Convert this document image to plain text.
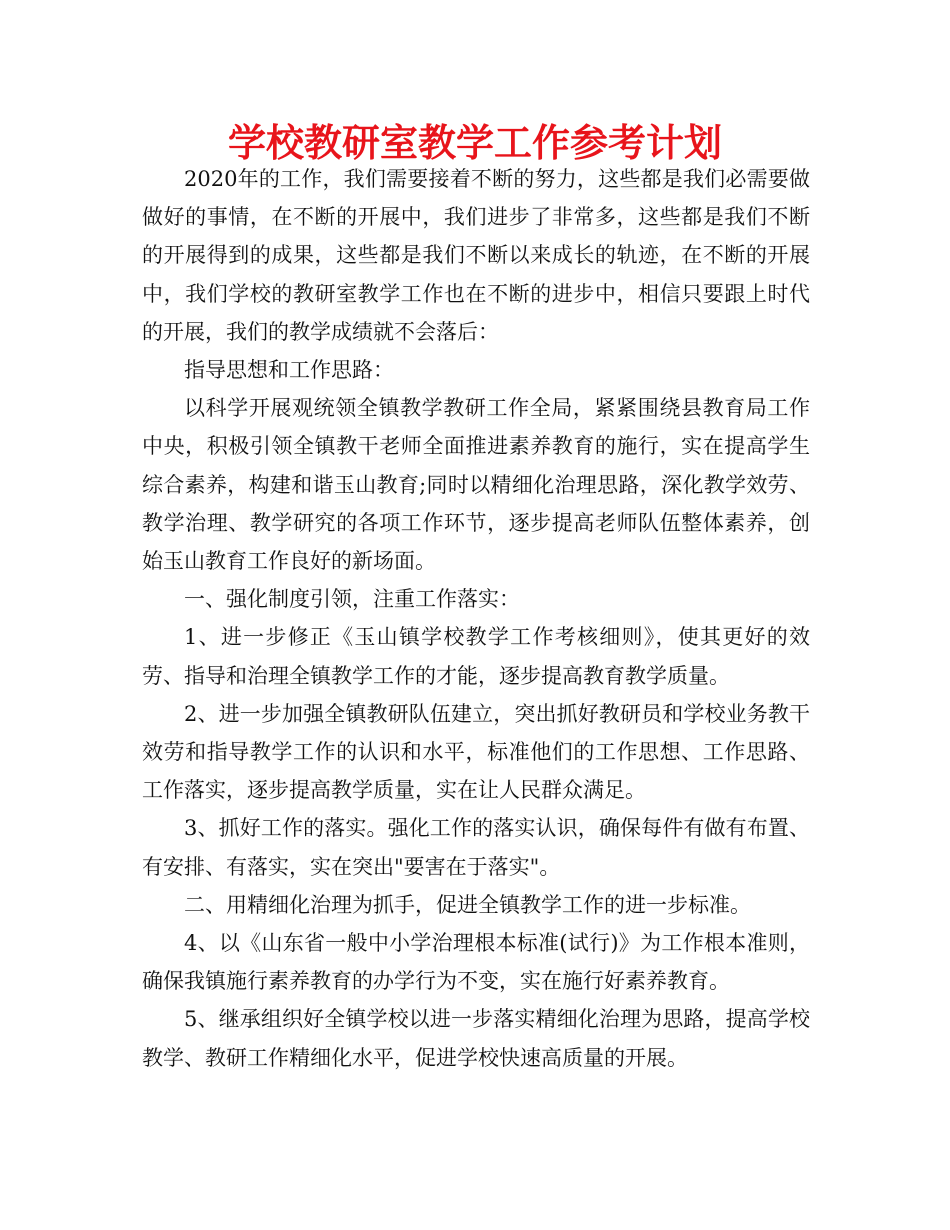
学校教研室教学工作参考计划

2020年的工作，我们需要接着不断的努力，这些都是我们必需要做做好的事情，在不断的开展中，我们进步了非常多，这些都是我们不断的开展得到的成果，这些都是我们不断以来成长的轨迹，在不断的开展中，我们学校的教研室教学工作也在不断的进步中，相信只要跟上时代的开展，我们的教学成绩就不会落后：

指导思想和工作思路：

以科学开展观统领全镇教学教研工作全局，紧紧围绕县教育局工作中央，积极引领全镇教干老师全面推进素养教育的施行，实在提高学生综合素养，构建和谐玉山教育;同时以精细化治理思路，深化教学效劳、教学治理、教学研究的各项工作环节，逐步提高老师队伍整体素养，创始玉山教育工作良好的新场面。

一、强化制度引领，注重工作落实：

1、进一步修正《玉山镇学校教学工作考核细则》，使其更好的效劳、指导和治理全镇教学工作的才能，逐步提高教育教学质量。

2、进一步加强全镇教研队伍建立，突出抓好教研员和学校业务教干效劳和指导教学工作的认识和水平，标准他们的工作思想、工作思路、工作落实，逐步提高教学质量，实在让人民群众满足。

3、抓好工作的落实。强化工作的落实认识，确保每件有做有布置、有安排、有落实，实在突出"要害在于落实"。

二、用精细化治理为抓手，促进全镇教学工作的进一步标准。

4、以《山东省一般中小学治理根本标准(试行)》为工作根本准则，确保我镇施行素养教育的办学行为不变，实在施行好素养教育。

5、继承组织好全镇学校以进一步落实精细化治理为思路，提高学校教学、教研工作精细化水平，促进学校快速高质量的开展。
